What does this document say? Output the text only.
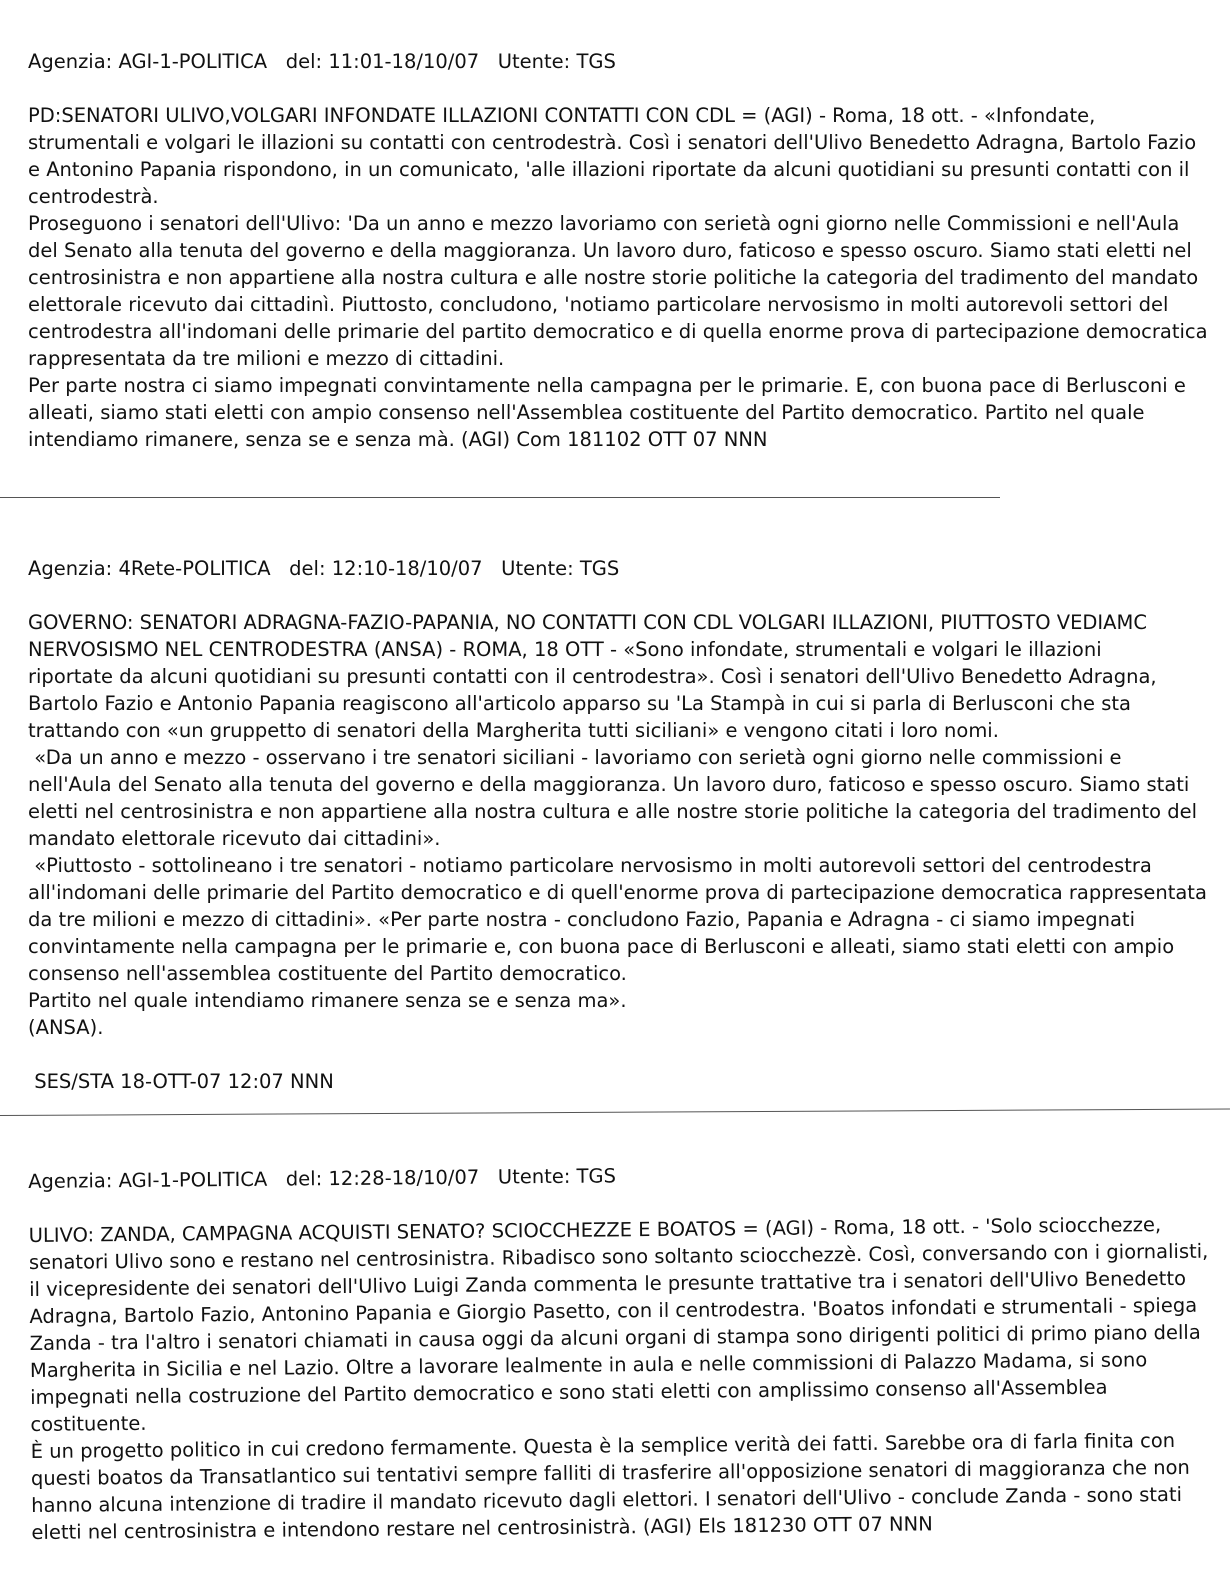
Agenzia: AGI-1-POLITICA del: 11:01-18/10/07 Utente: TGS
PD:SENATORI ULIVO,VOLGARI INFONDATE ILLAZIONI CONTATTI CON CDL = (AGI) - Roma, 18 ott. - «Infondate,
strumentali e volgari le illazioni su contatti con centrodestrà. Così i senatori dell'Ulivo Benedetto Adragna, Bartolo Fazio
e Antonino Papania rispondono, in un comunicato, 'alle illazioni riportate da alcuni quotidiani su presunti contatti con il
centrodestrà.
Proseguono i senatori dell'Ulivo: 'Da un anno e mezzo lavoriamo con serietà ogni giorno nelle Commissioni e nell'Aula
del Senato alla tenuta del governo e della maggioranza. Un lavoro duro, faticoso e spesso oscuro. Siamo stati eletti nel
centrosinistra e non appartiene alla nostra cultura e alle nostre storie politiche la categoria del tradimento del mandato
elettorale ricevuto dai cittadinì. Piuttosto, concludono, 'notiamo particolare nervosismo in molti autorevoli settori del
centrodestra all'indomani delle primarie del partito democratico e di quella enorme prova di partecipazione democratica
rappresentata da tre milioni e mezzo di cittadini.
Per parte nostra ci siamo impegnati convintamente nella campagna per le primarie. E, con buona pace di Berlusconi e
alleati, siamo stati eletti con ampio consenso nell'Assemblea costituente del Partito democratico. Partito nel quale
intendiamo rimanere, senza se e senza mà. (AGI) Com 181102 OTT 07 NNN
Agenzia: 4Rete-POLITICA del: 12:10-18/10/07 Utente: TGS
GOVERNO: SENATORI ADRAGNA-FAZIO-PAPANIA, NO CONTATTI CON CDL VOLGARI ILLAZIONI, PIUTTOSTO VEDIAMC
NERVOSISMO NEL CENTRODESTRA (ANSA) - ROMA, 18 OTT - «Sono infondate, strumentali e volgari le illazioni
riportate da alcuni quotidiani su presunti contatti con il centrodestra». Così i senatori dell'Ulivo Benedetto Adragna,
Bartolo Fazio e Antonio Papania reagiscono all'articolo apparso su 'La Stampà in cui si parla di Berlusconi che sta
trattando con «un gruppetto di senatori della Margherita tutti siciliani» e vengono citati i loro nomi.
«Da un anno e mezzo - osservano i tre senatori siciliani - lavoriamo con serietà ogni giorno nelle commissioni e
nell'Aula del Senato alla tenuta del governo e della maggioranza. Un lavoro duro, faticoso e spesso oscuro. Siamo stati
eletti nel centrosinistra e non appartiene alla nostra cultura e alle nostre storie politiche la categoria del tradimento del
mandato elettorale ricevuto dai cittadini».
«Piuttosto - sottolineano i tre senatori - notiamo particolare nervosismo in molti autorevoli settori del centrodestra
all'indomani delle primarie del Partito democratico e di quell'enorme prova di partecipazione democratica rappresentata
da tre milioni e mezzo di cittadini». «Per parte nostra - concludono Fazio, Papania e Adragna - ci siamo impegnati
convintamente nella campagna per le primarie e, con buona pace di Berlusconi e alleati, siamo stati eletti con ampio
consenso nell'assemblea costituente del Partito democratico.
Partito nel quale intendiamo rimanere senza se e senza ma».
(ANSA).
SES/STA 18-OTT-07 12:07 NNN
Agenzia: AGI-1-POLITICA del: 12:28-18/10/07 Utente: TGS
ULIVO: ZANDA, CAMPAGNA ACQUISTI SENATO? SCIOCCHEZZE E BOATOS = (AGI) - Roma, 18 ott. - 'Solo sciocchezze,
senatori Ulivo sono e restano nel centrosinistra. Ribadisco sono soltanto sciocchezzè. Così, conversando con i giornalisti,
il vicepresidente dei senatori dell'Ulivo Luigi Zanda commenta le presunte trattative tra i senatori dell'Ulivo Benedetto
Adragna, Bartolo Fazio, Antonino Papania e Giorgio Pasetto, con il centrodestra. 'Boatos infondati e strumentali - spiega
Zanda - tra l'altro i senatori chiamati in causa oggi da alcuni organi di stampa sono dirigenti politici di primo piano della
Margherita in Sicilia e nel Lazio. Oltre a lavorare lealmente in aula e nelle commissioni di Palazzo Madama, si sono
impegnati nella costruzione del Partito democratico e sono stati eletti con amplissimo consenso all'Assemblea
costituente.
È un progetto politico in cui credono fermamente. Questa è la semplice verità dei fatti. Sarebbe ora di farla finita con
questi boatos da Transatlantico sui tentativi sempre falliti di trasferire all'opposizione senatori di maggioranza che non
hanno alcuna intenzione di tradire il mandato ricevuto dagli elettori. I senatori dell'Ulivo - conclude Zanda - sono stati
eletti nel centrosinistra e intendono restare nel centrosinistrà. (AGI) Els 181230 OTT 07 NNN
